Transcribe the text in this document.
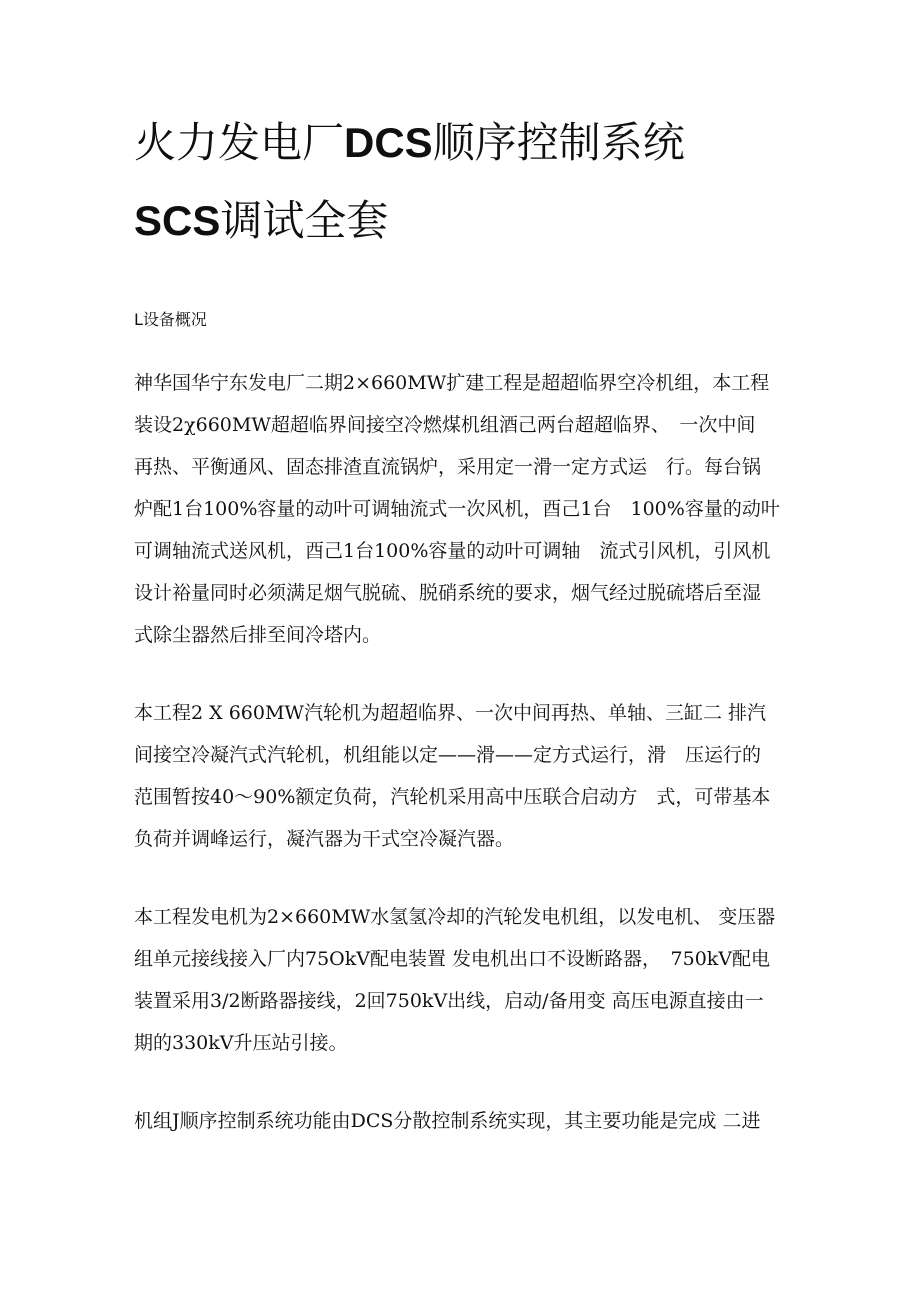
火力发电厂DCS顺序控制系统
SCS调试全套
L设备概况

神华国华宁东发电厂二期2×660MW扩建工程是超超临界空冷机组，本工程
装设2χ660MW超超临界间接空冷燃煤机组酒己两台超超临界、　一次中间
再热、平衡通风、固态排渣直流锅炉，采用定一滑一定方式运　行。每台锅
炉配1台100%容量的动叶可调轴流式一次风机，酉己1台　100%容量的动叶
可调轴流式送风机，酉己1台100%容量的动叶可调轴　流式引风机，引风机
设计裕量同时必须满足烟气脱硫、脱硝系统的要求，烟气经过脱硫塔后至湿
式除尘器然后排至间冷塔内。

本工程2 X 660MW汽轮机为超超临界、一次中间再热、单轴、三缸二 排汽
间接空冷凝汽式汽轮机，机组能以定——滑——定方式运行，滑　压运行的
范围暂按40～90%额定负荷，汽轮机采用高中压联合启动方　式，可带基本
负荷并调峰运行，凝汽器为干式空冷凝汽器。

本工程发电机为2×660MW水氢氢冷却的汽轮发电机组，以发电机、 变压器
组单元接线接入厂内75OkV配电装置 发电机出口不设断路器，　750kV配电
装置采用3/2断路器接线，2回750kV出线，启动/备用变 高压电源直接由一
期的330kV升压站引接。

机组J顺序控制系统功能由DCS分散控制系统实现，其主要功能是完成 二进
